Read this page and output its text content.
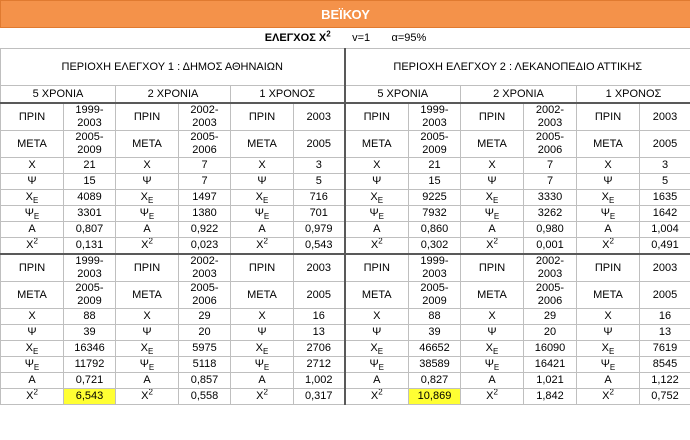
ΒΕΪΚΟΥ											
ΕΛΕΓΧΟΣ $X^2$ v=1 α=95%											
ΠΕΡΙΟΧΗ ΕΛΕΓΧΟΥ 1 : ΔΗΜΟΣ ΑΘΗΝΑΙΩΝ						ΠΕΡΙΟΧΗ ΕΛΕΓΧΟΥ 2 : ΛΕΚΑΝΟΠΕΔΙΟ ΑΤΤΙΚΗΣ					
5 ΧΡΟΝΙΑ		2 ΧΡΟΝΙΑ		1 ΧΡΟΝΟΣ		5 ΧΡΟΝΙΑ		2 ΧΡΟΝΙΑ		1 ΧΡΟΝΟΣ	
ΠΡΙΝ	1999-2003	ΠΡΙΝ	2002-2003	ΠΡΙΝ	2003	ΠΡΙΝ	1999-2003	ΠΡΙΝ	2002-2003	ΠΡΙΝ	2003
ΜΕΤΑ	2005-2009	ΜΕΤΑ	2005-2006	ΜΕΤΑ	2005	ΜΕΤΑ	2005-2009	ΜΕΤΑ	2005-2006	ΜΕΤΑ	2005
Χ	21	Χ	7	Χ	3	Χ	21	Χ	7	Χ	3
Ψ	15	Ψ	7	Ψ	5	Ψ	15	Ψ	7	Ψ	5
$X_E$	4089	$X_E$	1497	$X_E$	716	$X_E$	9225	$X_E$	3330	$X_E$	1635
$\Psi_E$	3301	$\Psi_E$	1380	$\Psi_E$	701	$\Psi_E$	7932	$\Psi_E$	3262	$\Psi_E$	1642
Α	0,807	Α	0,922	Α	0,979	Α	0,860	Α	0,980	Α	1,004
$X^2$	0,131	$X^2$	0,023	$X^2$	0,543	$X^2$	0,302	$X^2$	0,001	$X^2$	0,491
ΠΡΙΝ	1999-2003	ΠΡΙΝ	2002-2003	ΠΡΙΝ	2003	ΠΡΙΝ	1999-2003	ΠΡΙΝ	2002-2003	ΠΡΙΝ	2003
ΜΕΤΑ	2005-2009	ΜΕΤΑ	2005-2006	ΜΕΤΑ	2005	ΜΕΤΑ	2005-2009	ΜΕΤΑ	2005-2006	ΜΕΤΑ	2005
Χ	88	Χ	29	Χ	16	Χ	88	Χ	29	Χ	16
Ψ	39	Ψ	20	Ψ	13	Ψ	39	Ψ	20	Ψ	13
$X_E$	16346	$X_E$	5975	$X_E$	2706	$X_E$	46652	$X_E$	16090	$X_E$	7619
$\Psi_E$	11792	$\Psi_E$	5118	$\Psi_E$	2712	$\Psi_E$	38589	$\Psi_E$	16421	$\Psi_E$	8545
Α	0,721	Α	0,857	Α	1,002	Α	0,827	Α	1,021	Α	1,122
$X^2$	6,543	$X^2$	0,558	$X^2$	0,317	$X^2$	10,869	$X^2$	1,842	$X^2$	0,752
